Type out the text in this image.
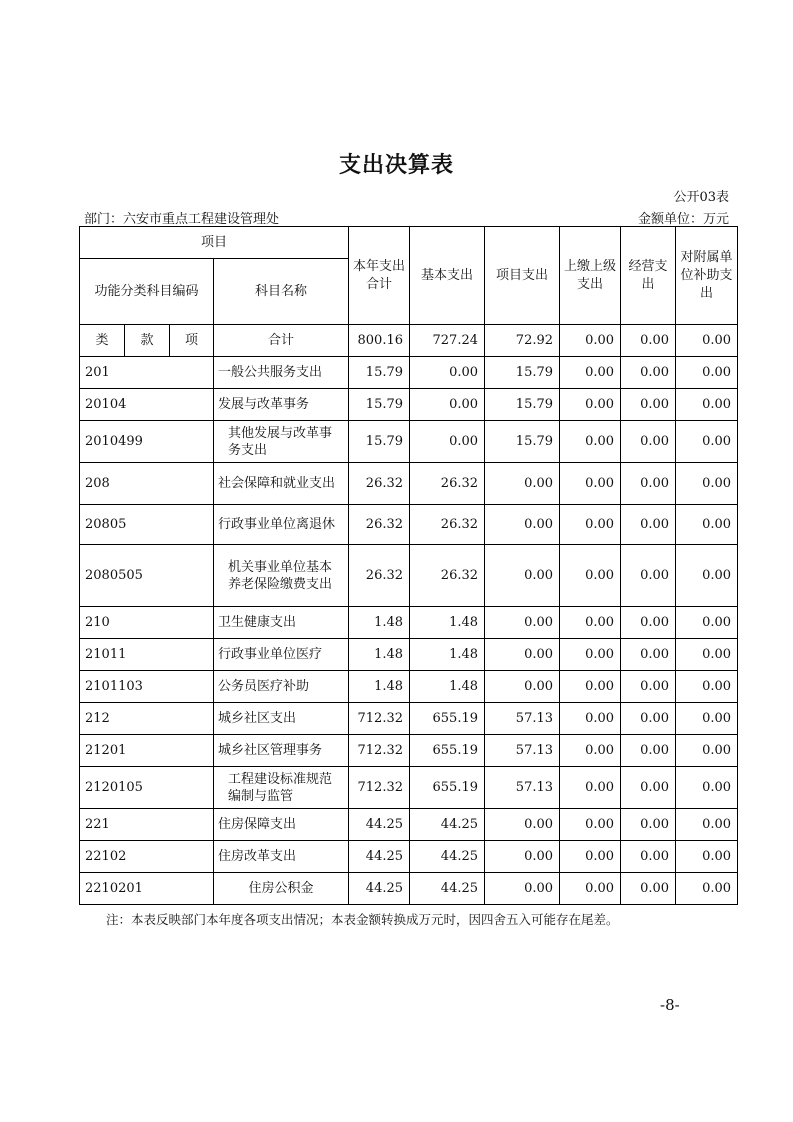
支出决算表
公开03表
部门：六安市重点工程建设管理处	金额单位：万元
项目				本年支出合计	基本支出	项目支出	上缴上级支出	经营支出	对附属单位补助支出
功能分类科目编码			科目名称						

类	款	项	合计	800.16	727.24	72.92	0.00	0.00	0.00
201			一般公共服务支出	15.79	0.00	15.79	0.00	0.00	0.00
20104			发展与改革事务	15.79	0.00	15.79	0.00	0.00	0.00
2010499			其他发展与改革事务支出	15.79	0.00	15.79	0.00	0.00	0.00
208			社会保障和就业支出	26.32	26.32	0.00	0.00	0.00	0.00
20805			行政事业单位离退休	26.32	26.32	0.00	0.00	0.00	0.00
2080505			机关事业单位基本养老保险缴费支出	26.32	26.32	0.00	0.00	0.00	0.00
210			卫生健康支出	1.48	1.48	0.00	0.00	0.00	0.00
21011			行政事业单位医疗	1.48	1.48	0.00	0.00	0.00	0.00
2101103			公务员医疗补助	1.48	1.48	0.00	0.00	0.00	0.00
212			城乡社区支出	712.32	655.19	57.13	0.00	0.00	0.00
21201			城乡社区管理事务	712.32	655.19	57.13	0.00	0.00	0.00
2120105			工程建设标准规范编制与监管	712.32	655.19	57.13	0.00	0.00	0.00
221			住房保障支出	44.25	44.25	0.00	0.00	0.00	0.00
22102			住房改革支出	44.25	44.25	0.00	0.00	0.00	0.00
2210201			住房公积金	44.25	44.25	0.00	0.00	0.00	0.00
注：本表反映部门本年度各项支出情况；本表金额转换成万元时，因四舍五入可能存在尾差。
-8-
